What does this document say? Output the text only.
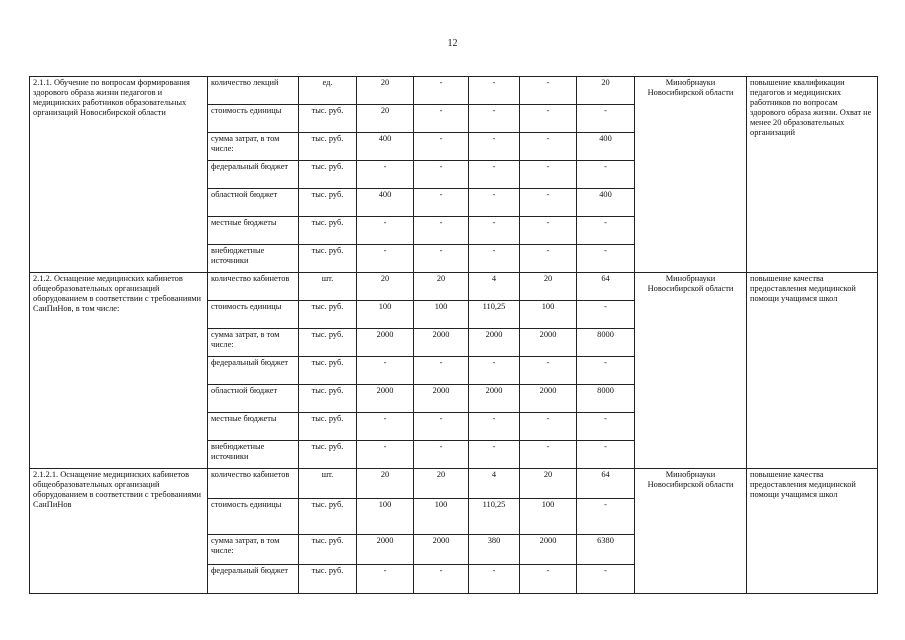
12
2.1.1. Обучение по вопросам формирования здорового образа жизни педагогов и медицинских работников образовательных организаций Новосибирской области	количество лекций	ед.	20	-	-	-	20	Минобрнауки Новосибирской области	повышение квалификации педагогов и медицинских работников по вопросам здорового образа жизни. Охват не менее 20 образовательных организаций
	стоимость единицы	тыс. руб.	20	-	-	-	-		
	сумма затрат, в том числе:	тыс. руб.	400	-	-	-	400		
	федеральный бюджет	тыс. руб.	-	-	-	-	-		
	областной бюджет	тыс. руб.	400	-	-	-	400		
	местные бюджеты	тыс. руб.	-	-	-	-	-		
	внебюджетные источники	тыс. руб.	-	-	-	-	-		
2.1.2. Оснащение медицинских кабинетов общеобразовательных организаций оборудованием в соответствии с требованиями СанПиНов, в том числе:	количество кабинетов	шт.	20	20	4	20	64	Минобрнауки Новосибирской области	повышение качества предоставления медицинской помощи учащимся школ
	стоимость единицы	тыс. руб.	100	100	110,25	100	-		
	сумма затрат, в том числе:	тыс. руб.	2000	2000	2000	2000	8000		
	федеральный бюджет	тыс. руб.	-	-	-	-	-		
	областной бюджет	тыс. руб.	2000	2000	2000	2000	8000		
	местные бюджеты	тыс. руб.	-	-	-	-	-		
	внебюджетные источники	тыс. руб.	-	-	-	-	-		
2.1.2.1. Оснащение медицинских кабинетов общеобразовательных организаций оборудованием в соответствии с требованиями СанПиНов	количество кабинетов	шт.	20	20	4	20	64	Минобрнауки Новосибирской области	повышение качества предоставления медицинской помощи учащимся школ
	стоимость единицы	тыс. руб.	100	100	110,25	100	-		
	сумма затрат, в том числе:	тыс. руб.	2000	2000	380	2000	6380		
	федеральный бюджет	тыс. руб.	-	-	-	-	-		
